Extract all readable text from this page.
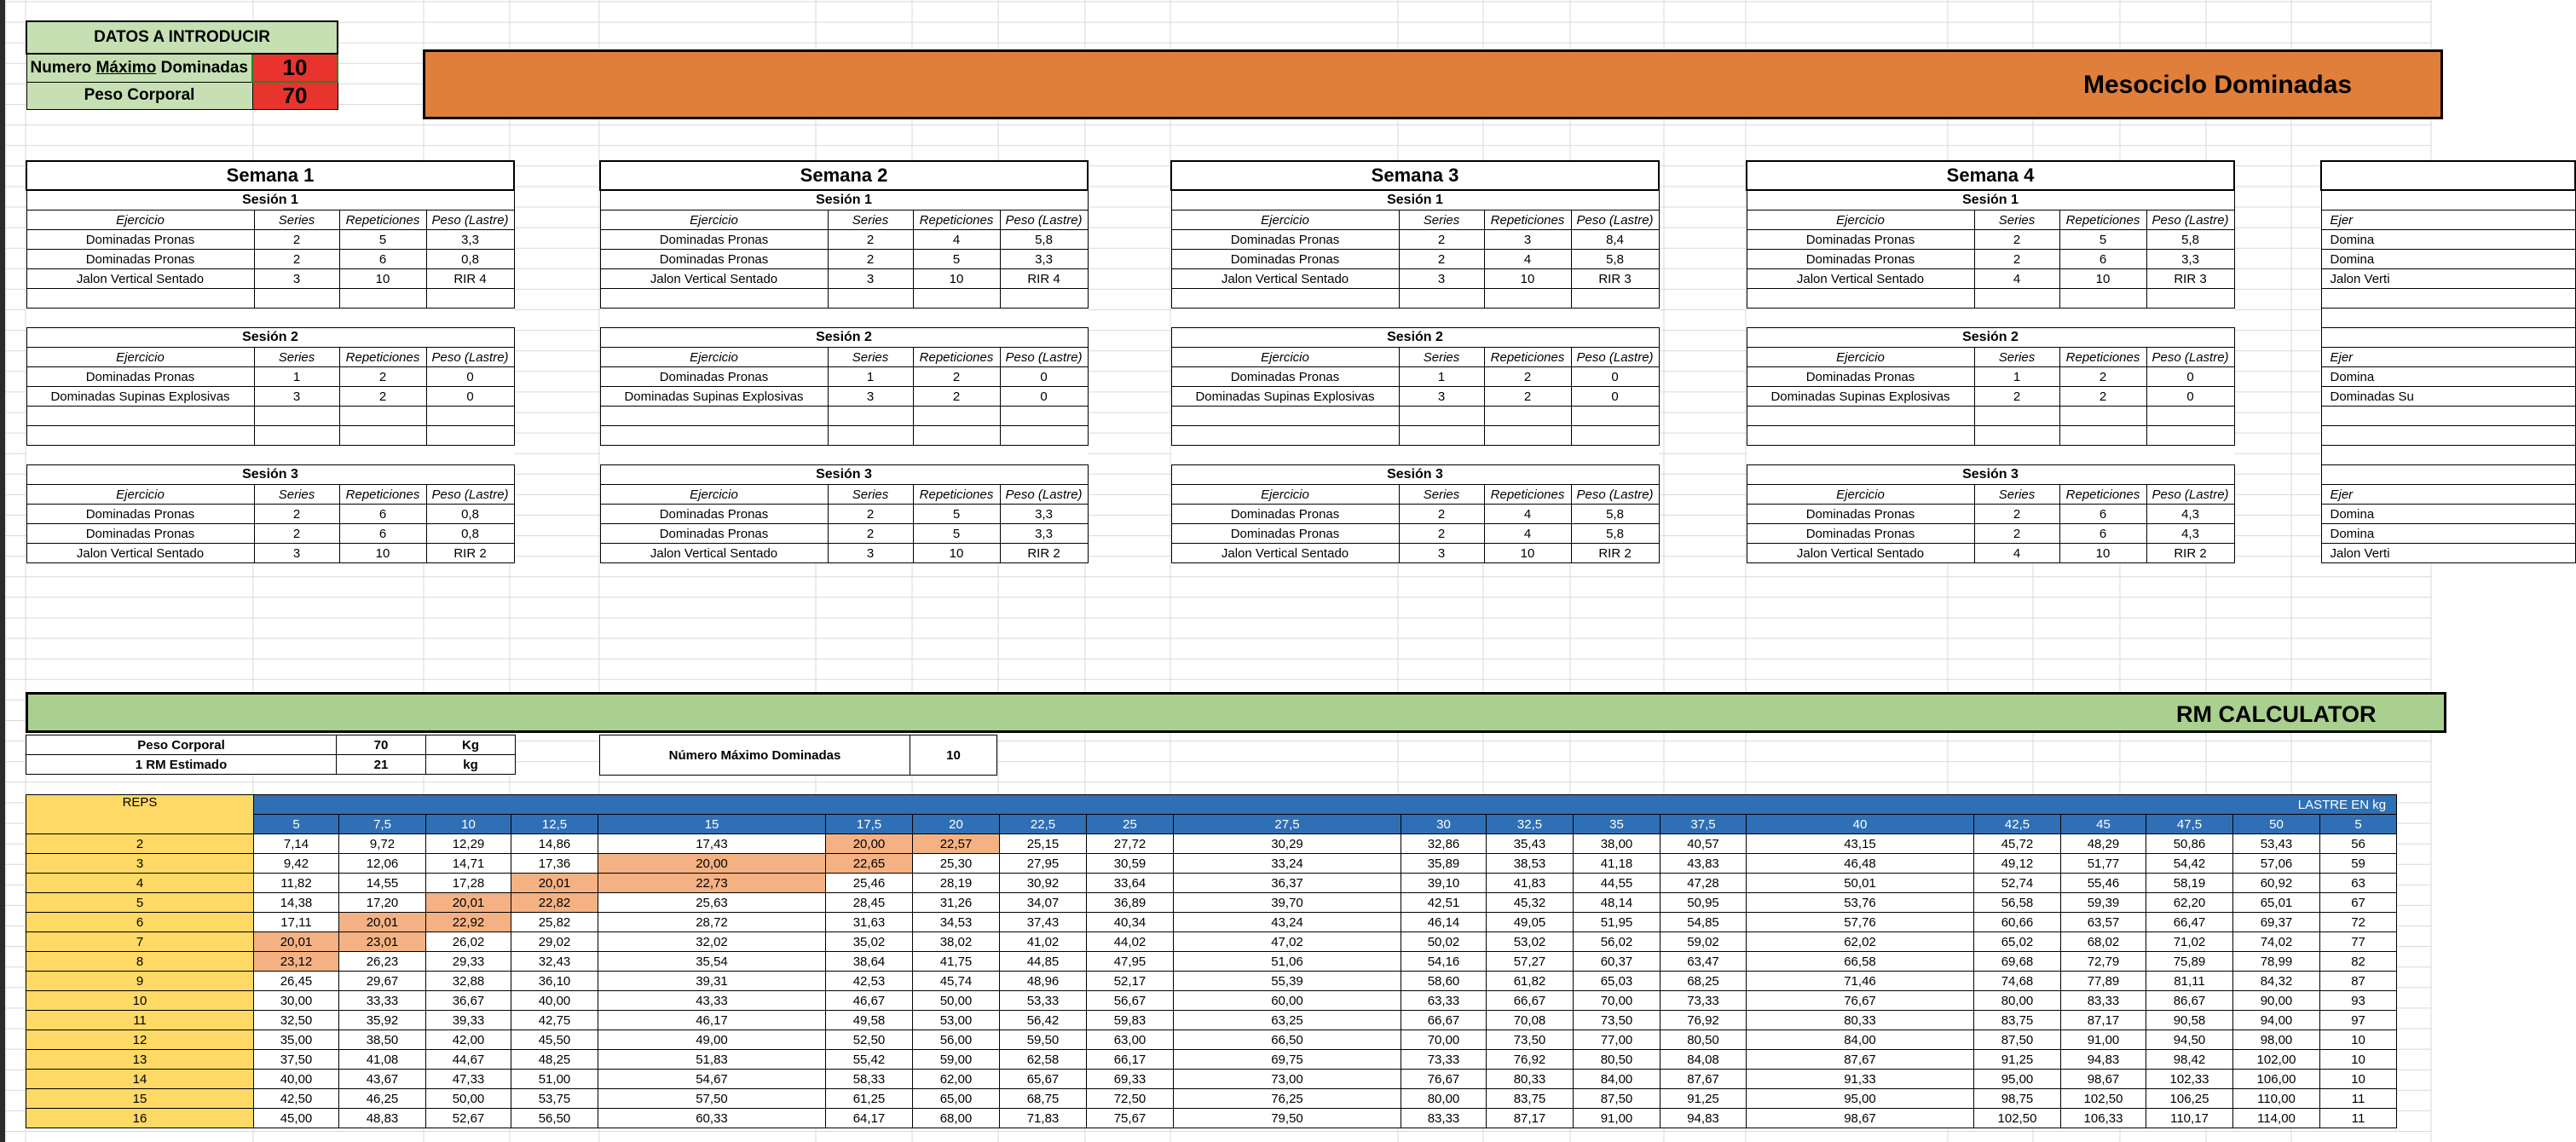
DATOS A INTRODUCIR	
Numero Máximo Dominadas	10
Peso Corporal	70	Mesociclo Dominadas
Semana 1			
Sesión 1			
Ejercicio	Series	Repeticiones	Peso (Lastre)
Dominadas Pronas	2	5	3,3
Dominadas Pronas	2	6	0,8
Jalon Vertical Sentado	3	10	RIR 4

Sesión 2			
Ejercicio	Series	Repeticiones	Peso (Lastre)
Dominadas Pronas	1	2	0
Dominadas Supinas Explosivas	3	2	0

Sesión 3			
Ejercicio	Series	Repeticiones	Peso (Lastre)
Dominadas Pronas	2	6	0,8
Dominadas Pronas	2	6	0,8
Jalon Vertical Sentado	3	10	RIR 2
Semana 2			
Sesión 1			
Ejercicio	Series	Repeticiones	Peso (Lastre)
Dominadas Pronas	2	4	5,8
Dominadas Pronas	2	5	3,3
Jalon Vertical Sentado	3	10	RIR 4

Sesión 2			
Ejercicio	Series	Repeticiones	Peso (Lastre)
Dominadas Pronas	1	2	0
Dominadas Supinas Explosivas	3	2	0

Sesión 3			
Ejercicio	Series	Repeticiones	Peso (Lastre)
Dominadas Pronas	2	5	3,3
Dominadas Pronas	2	5	3,3
Jalon Vertical Sentado	3	10	RIR 2
Semana 3			
Sesión 1			
Ejercicio	Series	Repeticiones	Peso (Lastre)
Dominadas Pronas	2	3	8,4
Dominadas Pronas	2	4	5,8
Jalon Vertical Sentado	3	10	RIR 3

Sesión 2			
Ejercicio	Series	Repeticiones	Peso (Lastre)
Dominadas Pronas	1	2	0
Dominadas Supinas Explosivas	3	2	0

Sesión 3			
Ejercicio	Series	Repeticiones	Peso (Lastre)
Dominadas Pronas	2	4	5,8
Dominadas Pronas	2	4	5,8
Jalon Vertical Sentado	3	10	RIR 2
Semana 4			
Sesión 1			
Ejercicio	Series	Repeticiones	Peso (Lastre)
Dominadas Pronas	2	5	5,8
Dominadas Pronas	2	6	3,3
Jalon Vertical Sentado	4	10	RIR 3

Sesión 2			
Ejercicio	Series	Repeticiones	Peso (Lastre)
Dominadas Pronas	1	2	0
Dominadas Supinas Explosivas	2	2	0

Sesión 3			
Ejercicio	Series	Repeticiones	Peso (Lastre)
Dominadas Pronas	2	6	4,3
Dominadas Pronas	2	6	4,3
Jalon Vertical Sentado	4	10	RIR 2

Ejer
Domina
Domina
Jalon Verti

Ejer
Domina
Dominadas Su

Ejer
Domina
Domina
Jalon Verti
RM CALCULATOR
Peso Corporal	70	Kg
1 RM Estimado	21	kg
Número Máximo Dominadas	10
REPS	LASTRE EN kg																			
	5	7,5	10	12,5	15	17,5	20	22,5	25	27,5	30	32,5	35	37,5	40	42,5	45	47,5	50	5
2	7,14	9,72	12,29	14,86	17,43	20,00	22,57	25,15	27,72	30,29	32,86	35,43	38,00	40,57	43,15	45,72	48,29	50,86	53,43	56
3	9,42	12,06	14,71	17,36	20,00	22,65	25,30	27,95	30,59	33,24	35,89	38,53	41,18	43,83	46,48	49,12	51,77	54,42	57,06	59
4	11,82	14,55	17,28	20,01	22,73	25,46	28,19	30,92	33,64	36,37	39,10	41,83	44,55	47,28	50,01	52,74	55,46	58,19	60,92	63
5	14,38	17,20	20,01	22,82	25,63	28,45	31,26	34,07	36,89	39,70	42,51	45,32	48,14	50,95	53,76	56,58	59,39	62,20	65,01	67
6	17,11	20,01	22,92	25,82	28,72	31,63	34,53	37,43	40,34	43,24	46,14	49,05	51,95	54,85	57,76	60,66	63,57	66,47	69,37	72
7	20,01	23,01	26,02	29,02	32,02	35,02	38,02	41,02	44,02	47,02	50,02	53,02	56,02	59,02	62,02	65,02	68,02	71,02	74,02	77
8	23,12	26,23	29,33	32,43	35,54	38,64	41,75	44,85	47,95	51,06	54,16	57,27	60,37	63,47	66,58	69,68	72,79	75,89	78,99	82
9	26,45	29,67	32,88	36,10	39,31	42,53	45,74	48,96	52,17	55,39	58,60	61,82	65,03	68,25	71,46	74,68	77,89	81,11	84,32	87
10	30,00	33,33	36,67	40,00	43,33	46,67	50,00	53,33	56,67	60,00	63,33	66,67	70,00	73,33	76,67	80,00	83,33	86,67	90,00	93
11	32,50	35,92	39,33	42,75	46,17	49,58	53,00	56,42	59,83	63,25	66,67	70,08	73,50	76,92	80,33	83,75	87,17	90,58	94,00	97
12	35,00	38,50	42,00	45,50	49,00	52,50	56,00	59,50	63,00	66,50	70,00	73,50	77,00	80,50	84,00	87,50	91,00	94,50	98,00	10
13	37,50	41,08	44,67	48,25	51,83	55,42	59,00	62,58	66,17	69,75	73,33	76,92	80,50	84,08	87,67	91,25	94,83	98,42	102,00	10
14	40,00	43,67	47,33	51,00	54,67	58,33	62,00	65,67	69,33	73,00	76,67	80,33	84,00	87,67	91,33	95,00	98,67	102,33	106,00	10
15	42,50	46,25	50,00	53,75	57,50	61,25	65,00	68,75	72,50	76,25	80,00	83,75	87,50	91,25	95,00	98,75	102,50	106,25	110,00	11
16	45,00	48,83	52,67	56,50	60,33	64,17	68,00	71,83	75,67	79,50	83,33	87,17	91,00	94,83	98,67	102,50	106,33	110,17	114,00	11
